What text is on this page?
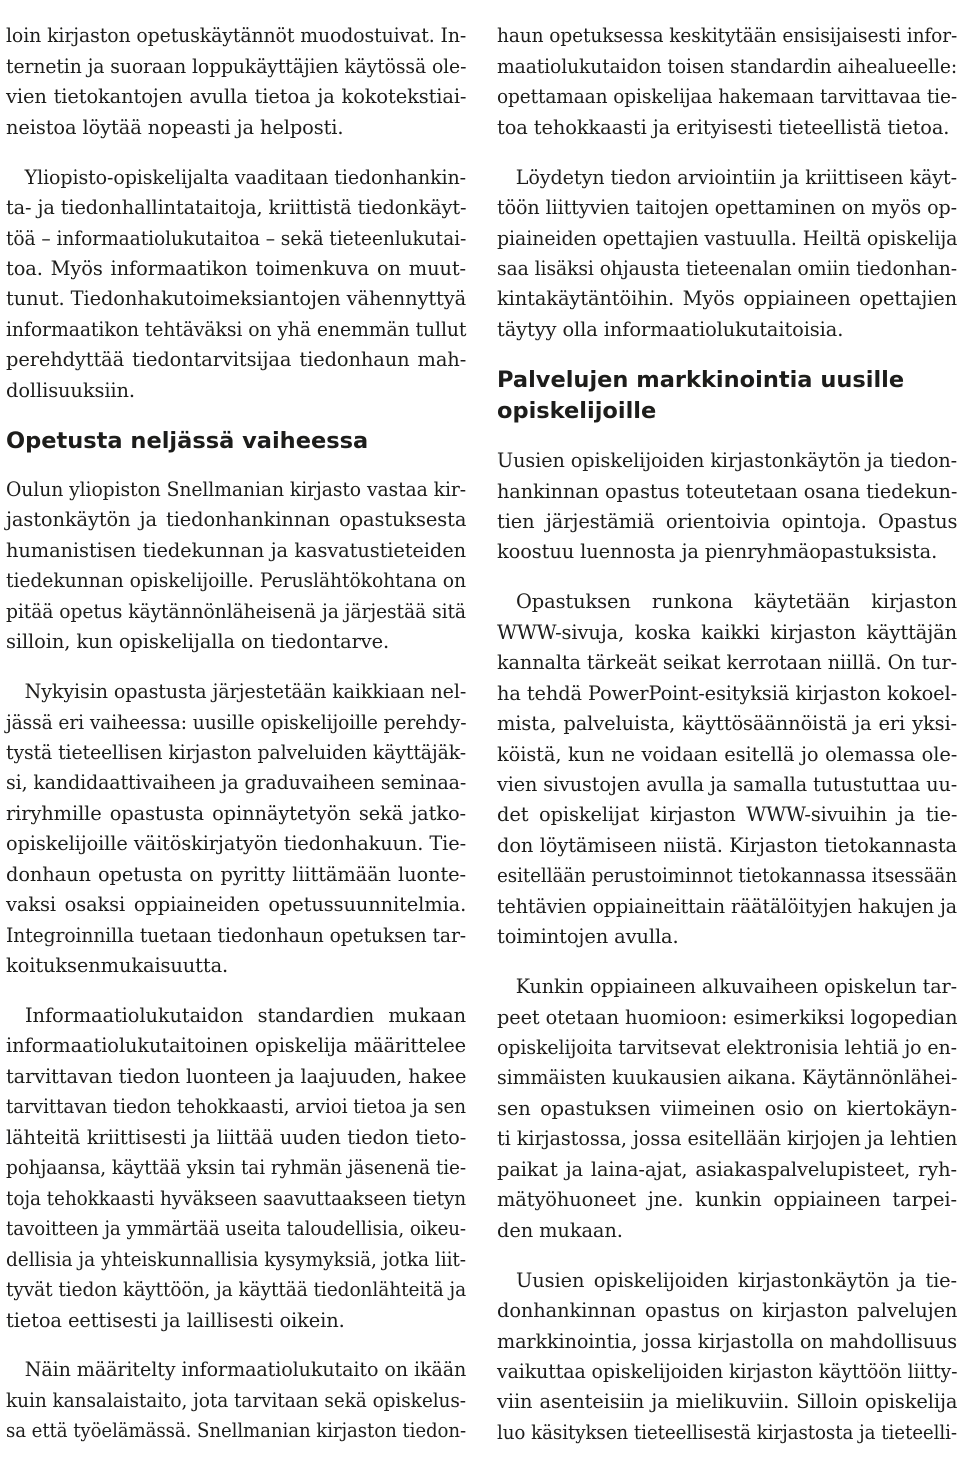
loin kirjaston opetuskäytännöt muodostuivat. In-
ternetin ja suoraan loppukäyttäjien käytössä ole-
vien tietokantojen avulla tietoa ja kokotekstiai-
neistoa löytää nopeasti ja helposti.

Yliopisto-opiskelijalta vaaditaan tiedonhankin-
ta- ja tiedonhallintataitoja, kriittistä tiedonkäyt-
töä – informaatiolukutaitoa – sekä tieteenlukutai-
toa. Myös informaatikon toimenkuva on muut-
tunut. Tiedonhakutoimeksiantojen vähennyttyä
informaatikon tehtäväksi on yhä enemmän tullut
perehdyttää tiedontarvitsijaa tiedonhaun mah-
dollisuuksiin.

Opetusta neljässä vaiheessa

Oulun yliopiston Snellmanian kirjasto vastaa kir-
jastonkäytön ja tiedonhankinnan opastuksesta
humanistisen tiedekunnan ja kasvatustieteiden
tiedekunnan opiskelijoille. Peruslähtökohtana on
pitää opetus käytännönläheisenä ja järjestää sitä
silloin, kun opiskelijalla on tiedontarve.

Nykyisin opastusta järjestetään kaikkiaan nel-
jässä eri vaiheessa: uusille opiskelijoille perehdy-
tystä tieteellisen kirjaston palveluiden käyttäjäk-
si, kandidaattivaiheen ja graduvaiheen seminaa-
riryhmille opastusta opinnäytetyön sekä jatko-
opiskelijoille väitöskirjatyön tiedonhakuun. Tie-
donhaun opetusta on pyritty liittämään luonte-
vaksi osaksi oppiaineiden opetussuunnitelmia.
Integroinnilla tuetaan tiedonhaun opetuksen tar-
koituksenmukaisuutta.

Informaatiolukutaidon standardien mukaan
informaatiolukutaitoinen opiskelija määrittelee
tarvittavan tiedon luonteen ja laajuuden, hakee
tarvittavan tiedon tehokkaasti, arvioi tietoa ja sen
lähteitä kriittisesti ja liittää uuden tiedon tieto-
pohjaansa, käyttää yksin tai ryhmän jäsenenä tie-
toja tehokkaasti hyväkseen saavuttaakseen tietyn
tavoitteen ja ymmärtää useita taloudellisia, oikeu-
dellisia ja yhteiskunnallisia kysymyksiä, jotka liit-
tyvät tiedon käyttöön, ja käyttää tiedonlähteitä ja
tietoa eettisesti ja laillisesti oikein.

Näin määritelty informaatiolukutaito on ikään
kuin kansalaistaito, jota tarvitaan sekä opiskelus-
sa että työelämässä. Snellmanian kirjaston tiedon-

haun opetuksessa keskitytään ensisijaisesti infor-
maatiolukutaidon toisen standardin aihealueelle:
opettamaan opiskelijaa hakemaan tarvittavaa tie-
toa tehokkaasti ja erityisesti tieteellistä tietoa.

Löydetyn tiedon arviointiin ja kriittiseen käyt-
töön liittyvien taitojen opettaminen on myös op-
piaineiden opettajien vastuulla. Heiltä opiskelija
saa lisäksi ohjausta tieteenalan omiin tiedonhan-
kintakäytäntöihin. Myös oppiaineen opettajien
täytyy olla informaatiolukutaitoisia.

Palvelujen markkinointia uusille
opiskelijoille

Uusien opiskelijoiden kirjastonkäytön ja tiedon-
hankinnan opastus toteutetaan osana tiedekun-
tien järjestämiä orientoivia opintoja. Opastus
koostuu luennosta ja pienryhmäopastuksista.

Opastuksen runkona käytetään kirjaston
WWW-sivuja, koska kaikki kirjaston käyttäjän
kannalta tärkeät seikat kerrotaan niillä. On tur-
ha tehdä PowerPoint-esityksiä kirjaston kokoel-
mista, palveluista, käyttösäännöistä ja eri yksi-
köistä, kun ne voidaan esitellä jo olemassa ole-
vien sivustojen avulla ja samalla tutustuttaa uu-
det opiskelijat kirjaston WWW-sivuihin ja tie-
don löytämiseen niistä. Kirjaston tietokannasta
esitellään perustoiminnot tietokannassa itsessään
tehtävien oppiaineittain räätälöityjen hakujen ja
toimintojen avulla.

Kunkin oppiaineen alkuvaiheen opiskelun tar-
peet otetaan huomioon: esimerkiksi logopedian
opiskelijoita tarvitsevat elektronisia lehtiä jo en-
simmäisten kuukausien aikana. Käytännönlähei-
sen opastuksen viimeinen osio on kiertokäyn-
ti kirjastossa, jossa esitellään kirjojen ja lehtien
paikat ja laina-ajat, asiakaspalvelupisteet, ryh-
mätyöhuoneet jne. kunkin oppiaineen tarpei-
den mukaan.

Uusien opiskelijoiden kirjastonkäytön ja tie-
donhankinnan opastus on kirjaston palvelujen
markkinointia, jossa kirjastolla on mahdollisuus
vaikuttaa opiskelijoiden kirjaston käyttöön liitty-
viin asenteisiin ja mielikuviin. Silloin opiskelija
luo käsityksen tieteellisestä kirjastosta ja tieteelli-
